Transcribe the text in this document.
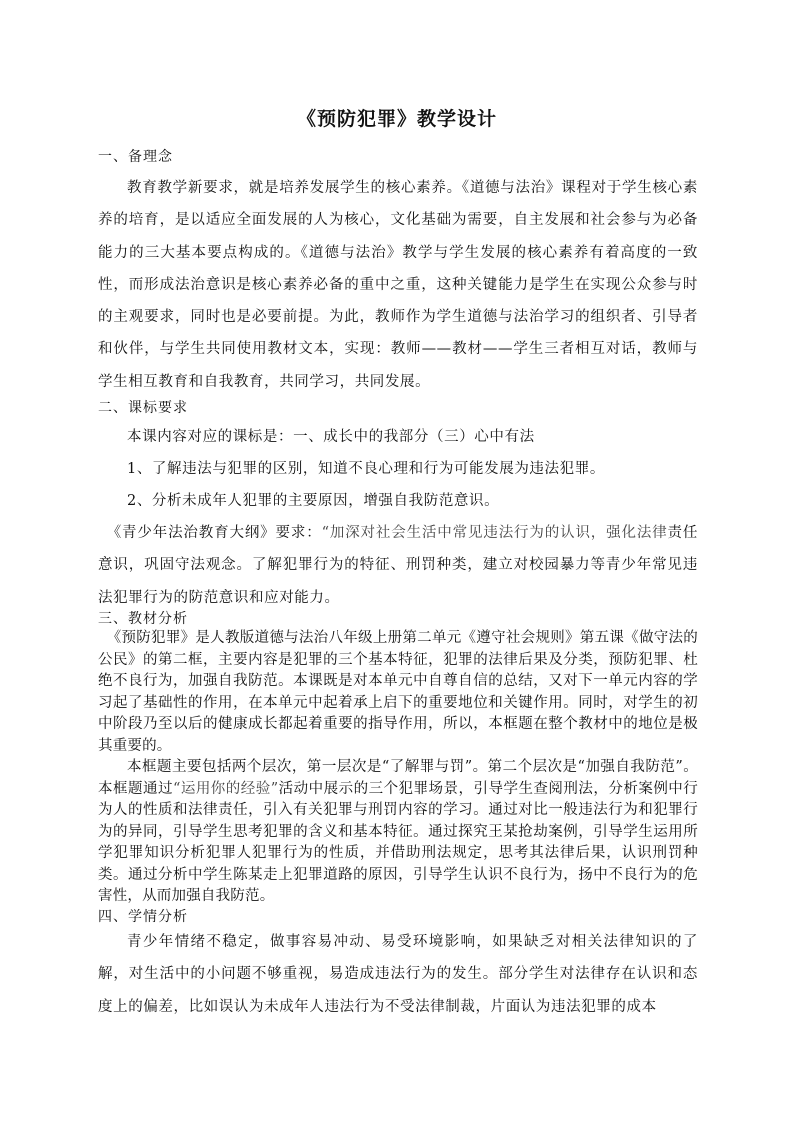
《预防犯罪》教学设计
一、备理念
教育教学新要求，就是培养发展学生的核心素养。《道德与法治》课程对于学生核心素养的培育，是以适应全面发展的人为核心，文化基础为需要，自主发展和社会参与为必备能力的三大基本要点构成的。《道德与法治》教学与学生发展的核心素养有着高度的一致性，而形成法治意识是核心素养必备的重中之重，这种关键能力是学生在实现公众参与时的主观要求，同时也是必要前提。为此，教师作为学生道德与法治学习的组织者、引导者和伙伴，与学生共同使用教材文本，实现：教师——教材——学生三者相互对话，教师与学生相互教育和自我教育，共同学习，共同发展。
二、课标要求
本课内容对应的课标是：一、成长中的我部分（三）心中有法
1、了解违法与犯罪的区别，知道不良心理和行为可能发展为违法犯罪。
2、分析未成年人犯罪的主要原因，增强自我防范意识。
《青少年法治教育大纲》要求：“加深对社会生活中常见违法行为的认识，强化法律责任意识，巩固守法观念。了解犯罪行为的特征、刑罚种类，建立对校园暴力等青少年常见违法犯罪行为的防范意识和应对能力。
三、教材分析
《预防犯罪》是人教版道德与法治八年级上册第二单元《遵守社会规则》第五课《做守法的公民》的第二框，主要内容是犯罪的三个基本特征，犯罪的法律后果及分类，预防犯罪、杜绝不良行为，加强自我防范。本课既是对本单元中自尊自信的总结，又对下一单元内容的学习起了基础性的作用，在本单元中起着承上启下的重要地位和关键作用。同时，对学生的初中阶段乃至以后的健康成长都起着重要的指导作用，所以，本框题在整个教材中的地位是极其重要的。
本框题主要包括两个层次，第一层次是“了解罪与罚”。第二个层次是“加强自我防范”。本框题通过“运用你的经验”活动中展示的三个犯罪场景，引导学生查阅刑法，分析案例中行为人的性质和法律责任，引入有关犯罪与刑罚内容的学习。通过对比一般违法行为和犯罪行为的异同，引导学生思考犯罪的含义和基本特征。通过探究王某抢劫案例，引导学生运用所学犯罪知识分析犯罪人犯罪行为的性质，并借助刑法规定，思考其法律后果，认识刑罚种类。通过分析中学生陈某走上犯罪道路的原因，引导学生认识不良行为，扬中不良行为的危害性，从而加强自我防范。
四、学情分析
青少年情绪不稳定，做事容易冲动、易受环境影响，如果缺乏对相关法律知识的了解，对生活中的小问题不够重视，易造成违法行为的发生。部分学生对法律存在认识和态度上的偏差，比如误认为未成年人违法行为不受法律制裁，片面认为违法犯罪的成本
